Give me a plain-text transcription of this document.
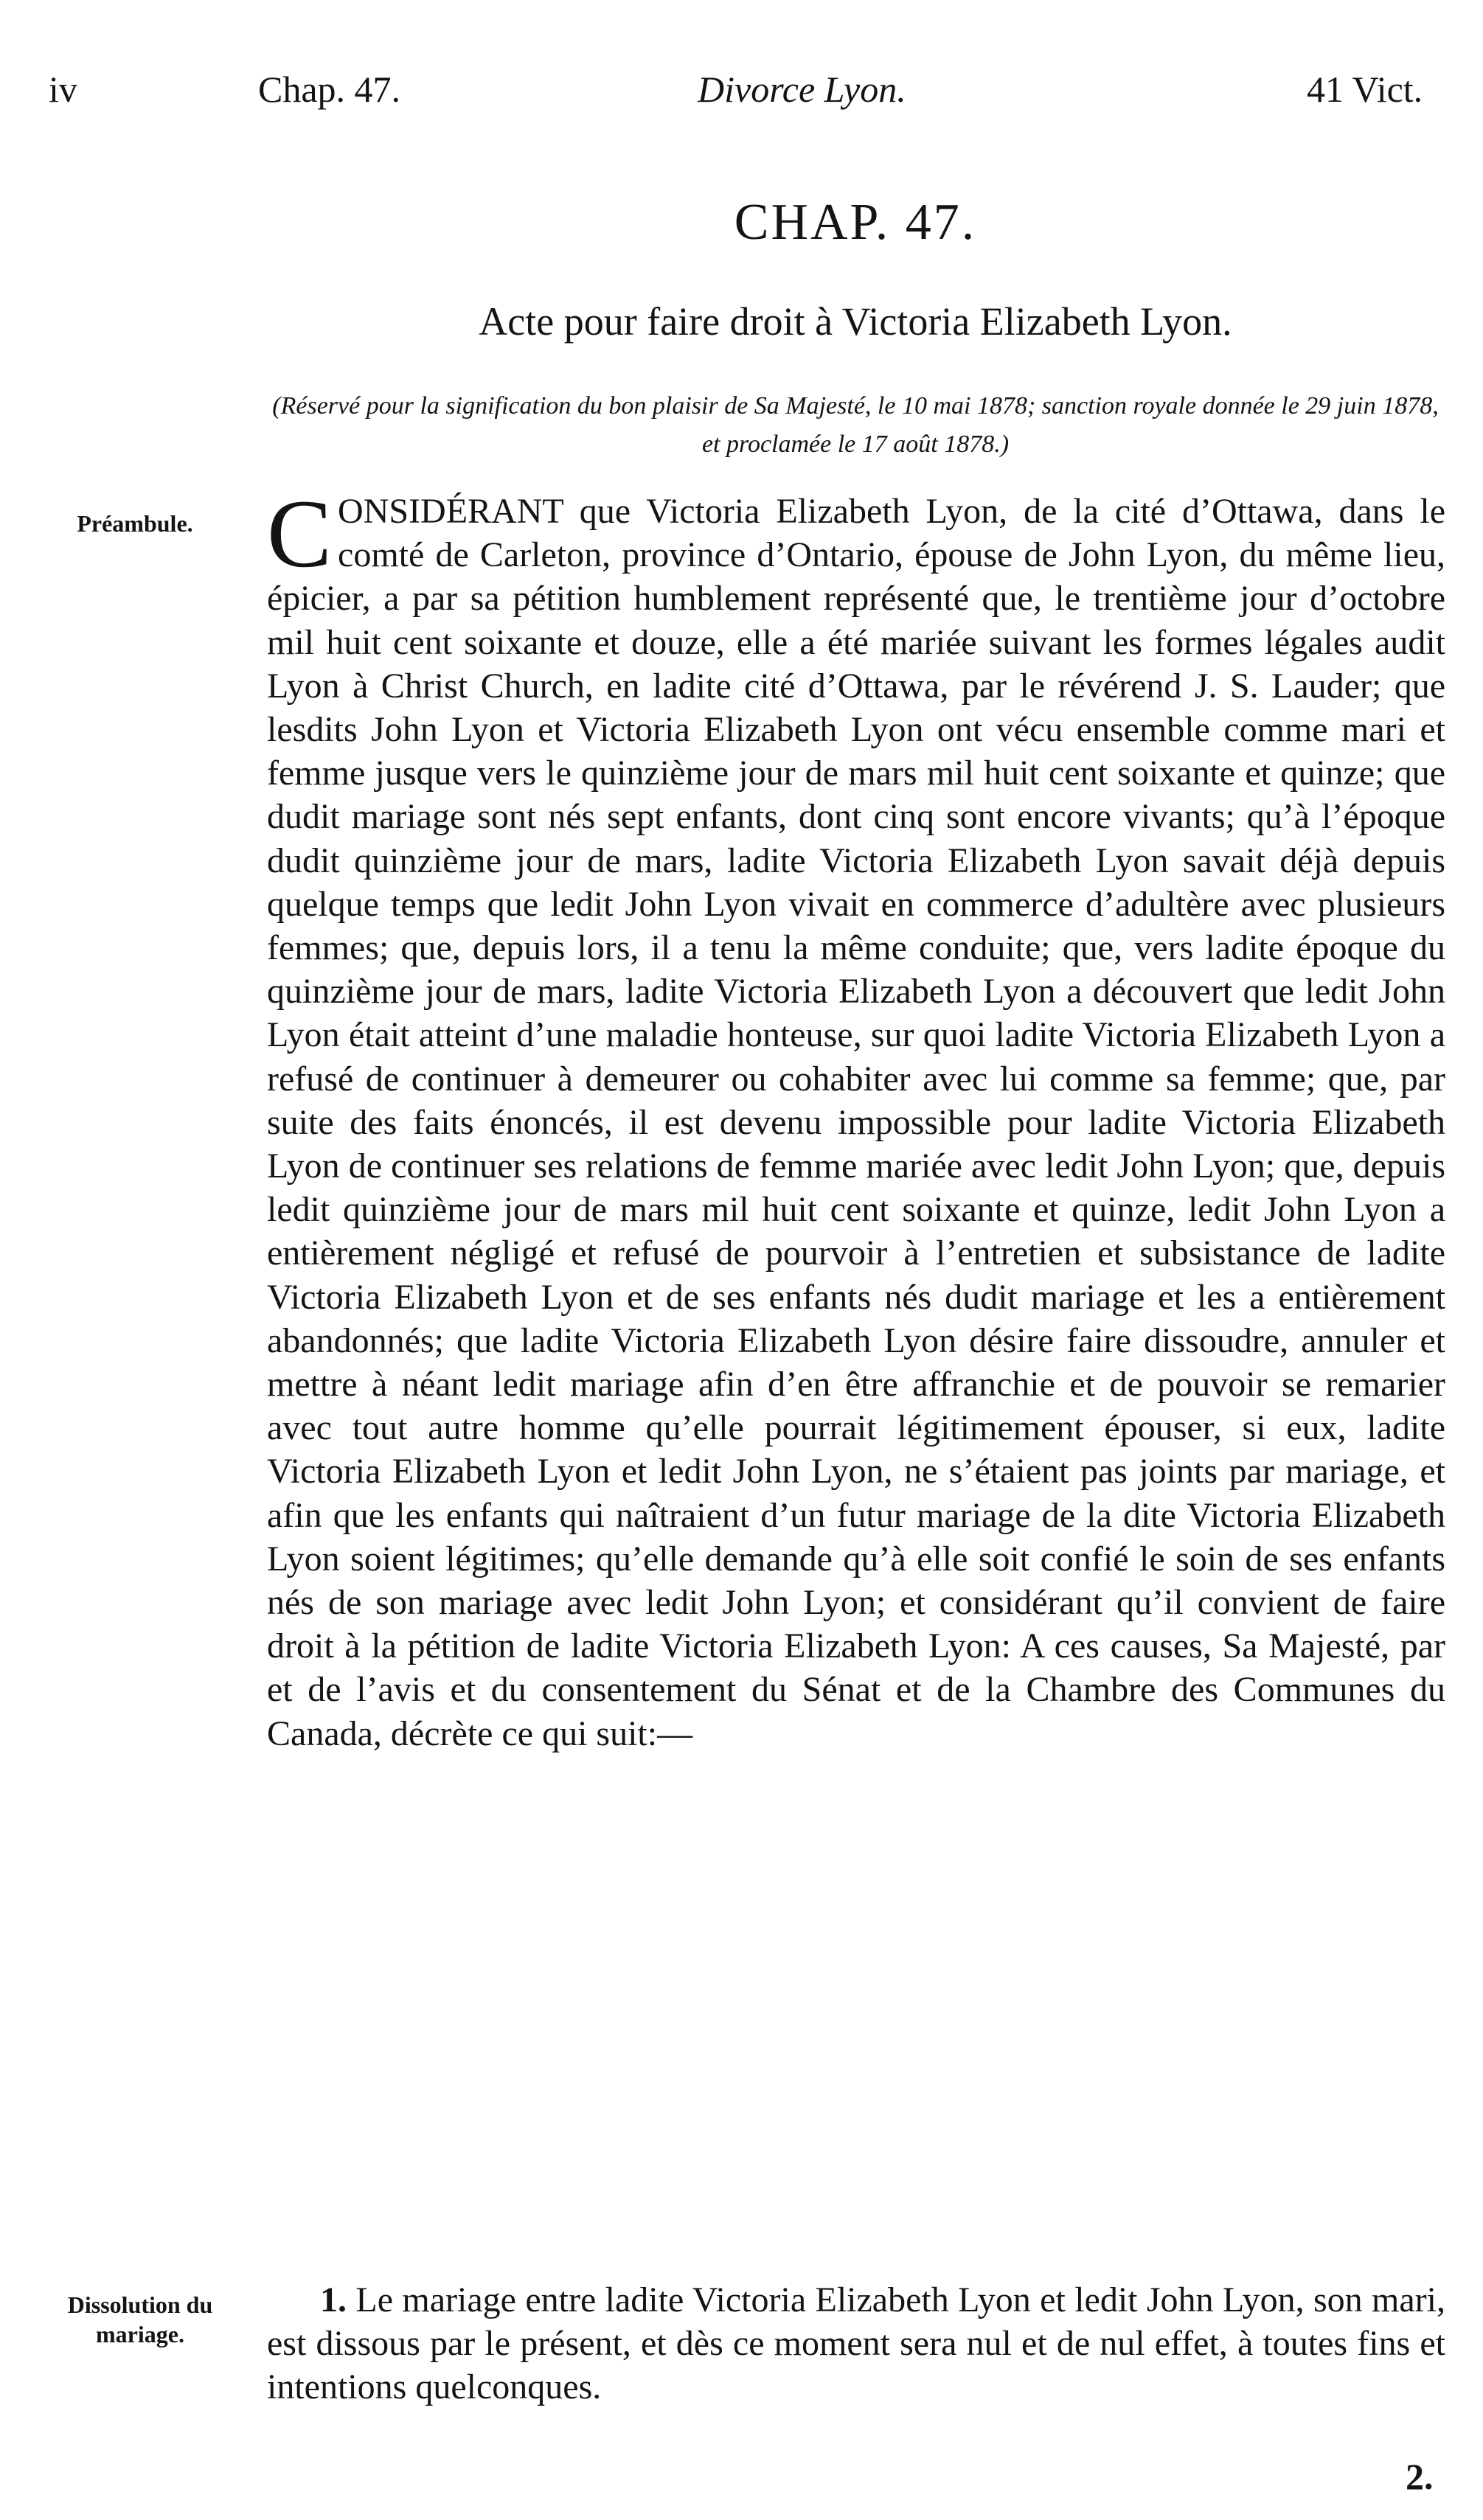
iv	Chap. 47.	Divorce Lyon.	41 Vict.
CHAP. 47.
Acte pour faire droit à Victoria Elizabeth Lyon.
(Réservé pour la signification du bon plaisir de Sa Majesté, le 10 mai 1878; sanction royale donnée le 29 juin 1878, et proclamée le 17 août 1878.)
Préambule. CONSIDÉRANT que Victoria Elizabeth Lyon, de la cité d’Ottawa, dans le comté de Carleton, province d’Ontario, épouse de John Lyon, du même lieu, épicier, a par sa pétition humblement représenté que, le trentième jour d’octobre mil huit cent soixante et douze, elle a été mariée suivant les formes légales audit Lyon à Christ Church, en ladite cité d’Ottawa, par le révérend J. S. Lauder; que lesdits John Lyon et Victoria Elizabeth Lyon ont vécu ensemble comme mari et femme jusque vers le quinzième jour de mars mil huit cent soixante et quinze; que dudit mariage sont nés sept enfants, dont cinq sont encore vivants; qu’à l’époque dudit quinzième jour de mars, ladite Victoria Elizabeth Lyon savait déjà depuis quelque temps que ledit John Lyon vivait en commerce d’adultère avec plusieurs femmes; que, depuis lors, il a tenu la même conduite; que, vers ladite époque du quinzième jour de mars, ladite Victoria Elizabeth Lyon a découvert que ledit John Lyon était atteint d’une maladie honteuse, sur quoi ladite Victoria Elizabeth Lyon a refusé de continuer à demeurer ou cohabiter avec lui comme sa femme; que, par suite des faits énoncés, il est devenu impossible pour ladite Victoria Elizabeth Lyon de continuer ses relations de femme mariée avec ledit John Lyon; que, depuis ledit quinzième jour de mars mil huit cent soixante et quinze, ledit John Lyon a entièrement négligé et refusé de pourvoir à l’entretien et subsistance de ladite Victoria Elizabeth Lyon et de ses enfants nés dudit mariage et les a entièrement abandonnés; que ladite Victoria Elizabeth Lyon désire faire dissoudre, annuler et mettre à néant ledit mariage afin d’en être affranchie et de pouvoir se remarier avec tout autre homme qu’elle pourrait légitimement épouser, si eux, ladite Victoria Elizabeth Lyon et ledit John Lyon, ne s’étaient pas joints par mariage, et afin que les enfants qui naîtraient d’un futur mariage de la dite Victoria Elizabeth Lyon soient légitimes; qu’elle demande qu’à elle soit confié le soin de ses enfants nés de son mariage avec ledit John Lyon; et considérant qu’il convient de faire droit à la pétition de ladite Victoria Elizabeth Lyon: A ces causes, Sa Majesté, par et de l’avis et du consentement du Sénat et de la Chambre des Communes du Canada, décrète ce qui suit:—
Dissolution du mariage.
1. Le mariage entre ladite Victoria Elizabeth Lyon et ledit John Lyon, son mari, est dissous par le présent, et dès ce moment sera nul et de nul effet, à toutes fins et intentions quelconques.
2.
